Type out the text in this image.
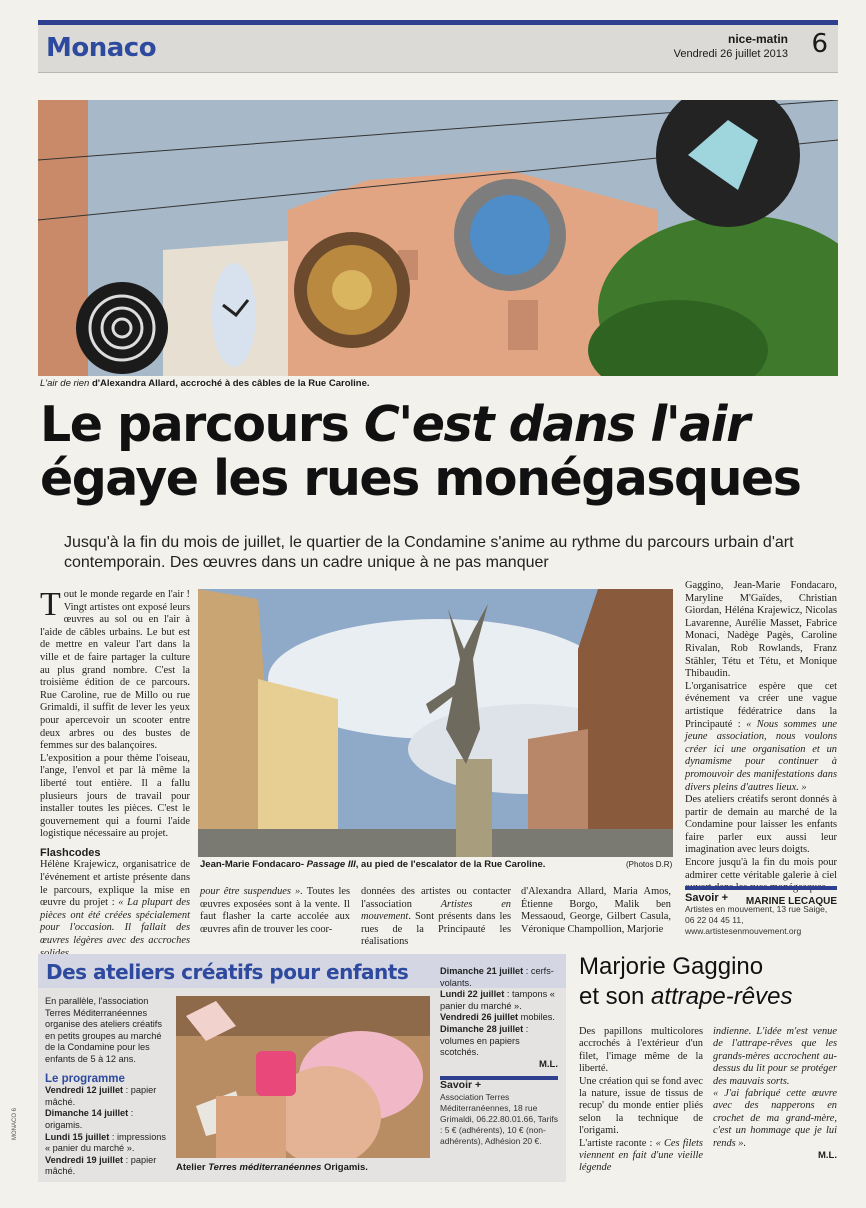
Monaco	nice-matin
Vendredi 26 juillet 2013 6
L'air de rien d'Alexandra Allard, accroché à des câbles de la Rue Caroline.
Le parcours C'est dans l'air
égaye les rues monégasques
Jusqu'à la fin du mois de juillet, le quartier de la Condamine s'anime au rythme du parcours urbain d'art contemporain. Des œuvres dans un cadre unique à ne pas manquer

Tout le monde regarde en l'air ! Vingt artistes ont exposé leurs œuvres au sol ou en l'air à l'aide de câbles urbains. Le but est de mettre en valeur l'art dans la ville et de faire partager la culture au plus grand nombre. C'est la troisième édition de ce parcours. Rue Caroline, rue de Millo ou rue Grimaldi, il suffit de lever les yeux pour apercevoir un scooter entre deux arbres ou des bustes de femmes sur des balançoires.

L'exposition a pour thème l'oiseau, l'ange, l'envol et par là même la liberté tout entière. Il a fallu plusieurs jours de travail pour installer toutes les pièces. C'est le gouvernement qui a fourni l'aide logistique nécessaire au projet.

Flashcodes

Hélène Krajewicz, organisatrice de l'événement et artiste présente dans le parcours, explique la mise en œuvre du projet : « La plupart des pièces ont été créées spécialement pour l'occasion. Il fallait des œuvres légères avec des accroches

Jean-Marie Fondacaro- Passage III, au pied de l'escalator de la Rue Caroline.	(Photos D.R)

pour être suspendues ». Toutes les œuvres exposées sont à la vente. Il faut flasher la carte accolée aux œuvres afin de trouver les coor-

données des artistes ou contacter l'association Artistes en mouvement. Sont présents dans les rues de la Principauté les réalisations

d'Alexandra Allard, Maria Amos, Étienne Borgo, Malik ben Messaoud, George, Gilbert Casula, Véronique Champollion, Marjorie

Gaggino, Jean-Marie Fondacaro, Maryline M'Gaïdes, Christian Giordan, Héléna Krajewicz, Nicolas Lavarenne, Aurélie Masset, Fabrice Monaci, Nadège Pagès, Caroline Rivalan, Rob Rowlands, Franz Stähler, Tétu et Tétu, et Monique Thibaudin.

L'organisatrice espère que cet événement va créer une vague artistique fédératrice dans la Principauté : « Nous sommes une jeune association, nous voulons créer ici une organisation et un dynamisme pour continuer à promouvoir des manifestations dans divers pleins d'autres lieux. »

Des ateliers créatifs seront donnés à partir de demain au marché de la Condamine pour laisser les enfants faire parler eux aussi leur imagination avec leurs doigts.

Encore jusqu'à la fin du mois pour admirer cette véritable galerie à ciel

MARINE LECAQUE
Savoir +
Artistes en mouvement, 13 rue Saige, 06 22 04 45 11, www.artistesenmouvement.org
Des ateliers créatifs pour enfants
En parallèle, l'association Terres Méditerranéennes organise des ateliers créatifs en petits groupes au marché de la Condamine pour les enfants de 5 à 12 ans.
Le programme
Vendredi 12 juillet : papier mâché.
Dimanche 14 juillet : origamis.
Lundi 15 juillet : impressions « panier du marché ».
Vendredi 19 juillet : papier mâché.	Atelier Terres méditerranéennes Origamis.
Dimanche 21 juillet : cerfs-volants.
Lundi 22 juillet : tampons « panier du marché ».
Vendredi 26 juillet mobiles.
Dimanche 28 juillet : volumes en papiers scotchés.
M.L.
Savoir +
Association Terres Méditerranéennes, 18 rue Grimaldi, 06.22.80.01.66, Tarifs : 5 € (adhérents), 10 € (non-adhérents), Adhésion 20 €.
Marjorie Gaggino
et son attrape-rêves

Des papillons multicolores accrochés à l'extérieur d'un filet, l'image même de la liberté.

Une création qui se fond avec la nature, issue de tissus de recup' du monde entier pliés selon la technique de l'origami.

L'artiste raconte : « Ces filets viennent en fait d'une vieille légende

indienne. L'idée m'est venue de l'attrape-rêves que les grands-mères accrochent au-dessus du lit pour se protéger des mauvais sorts.

« J'ai fabriqué cette œuvre avec des napperons en crochet de ma grand-mère, c'est un hommage que je lui rends ».

M.L.
MONACO 6
